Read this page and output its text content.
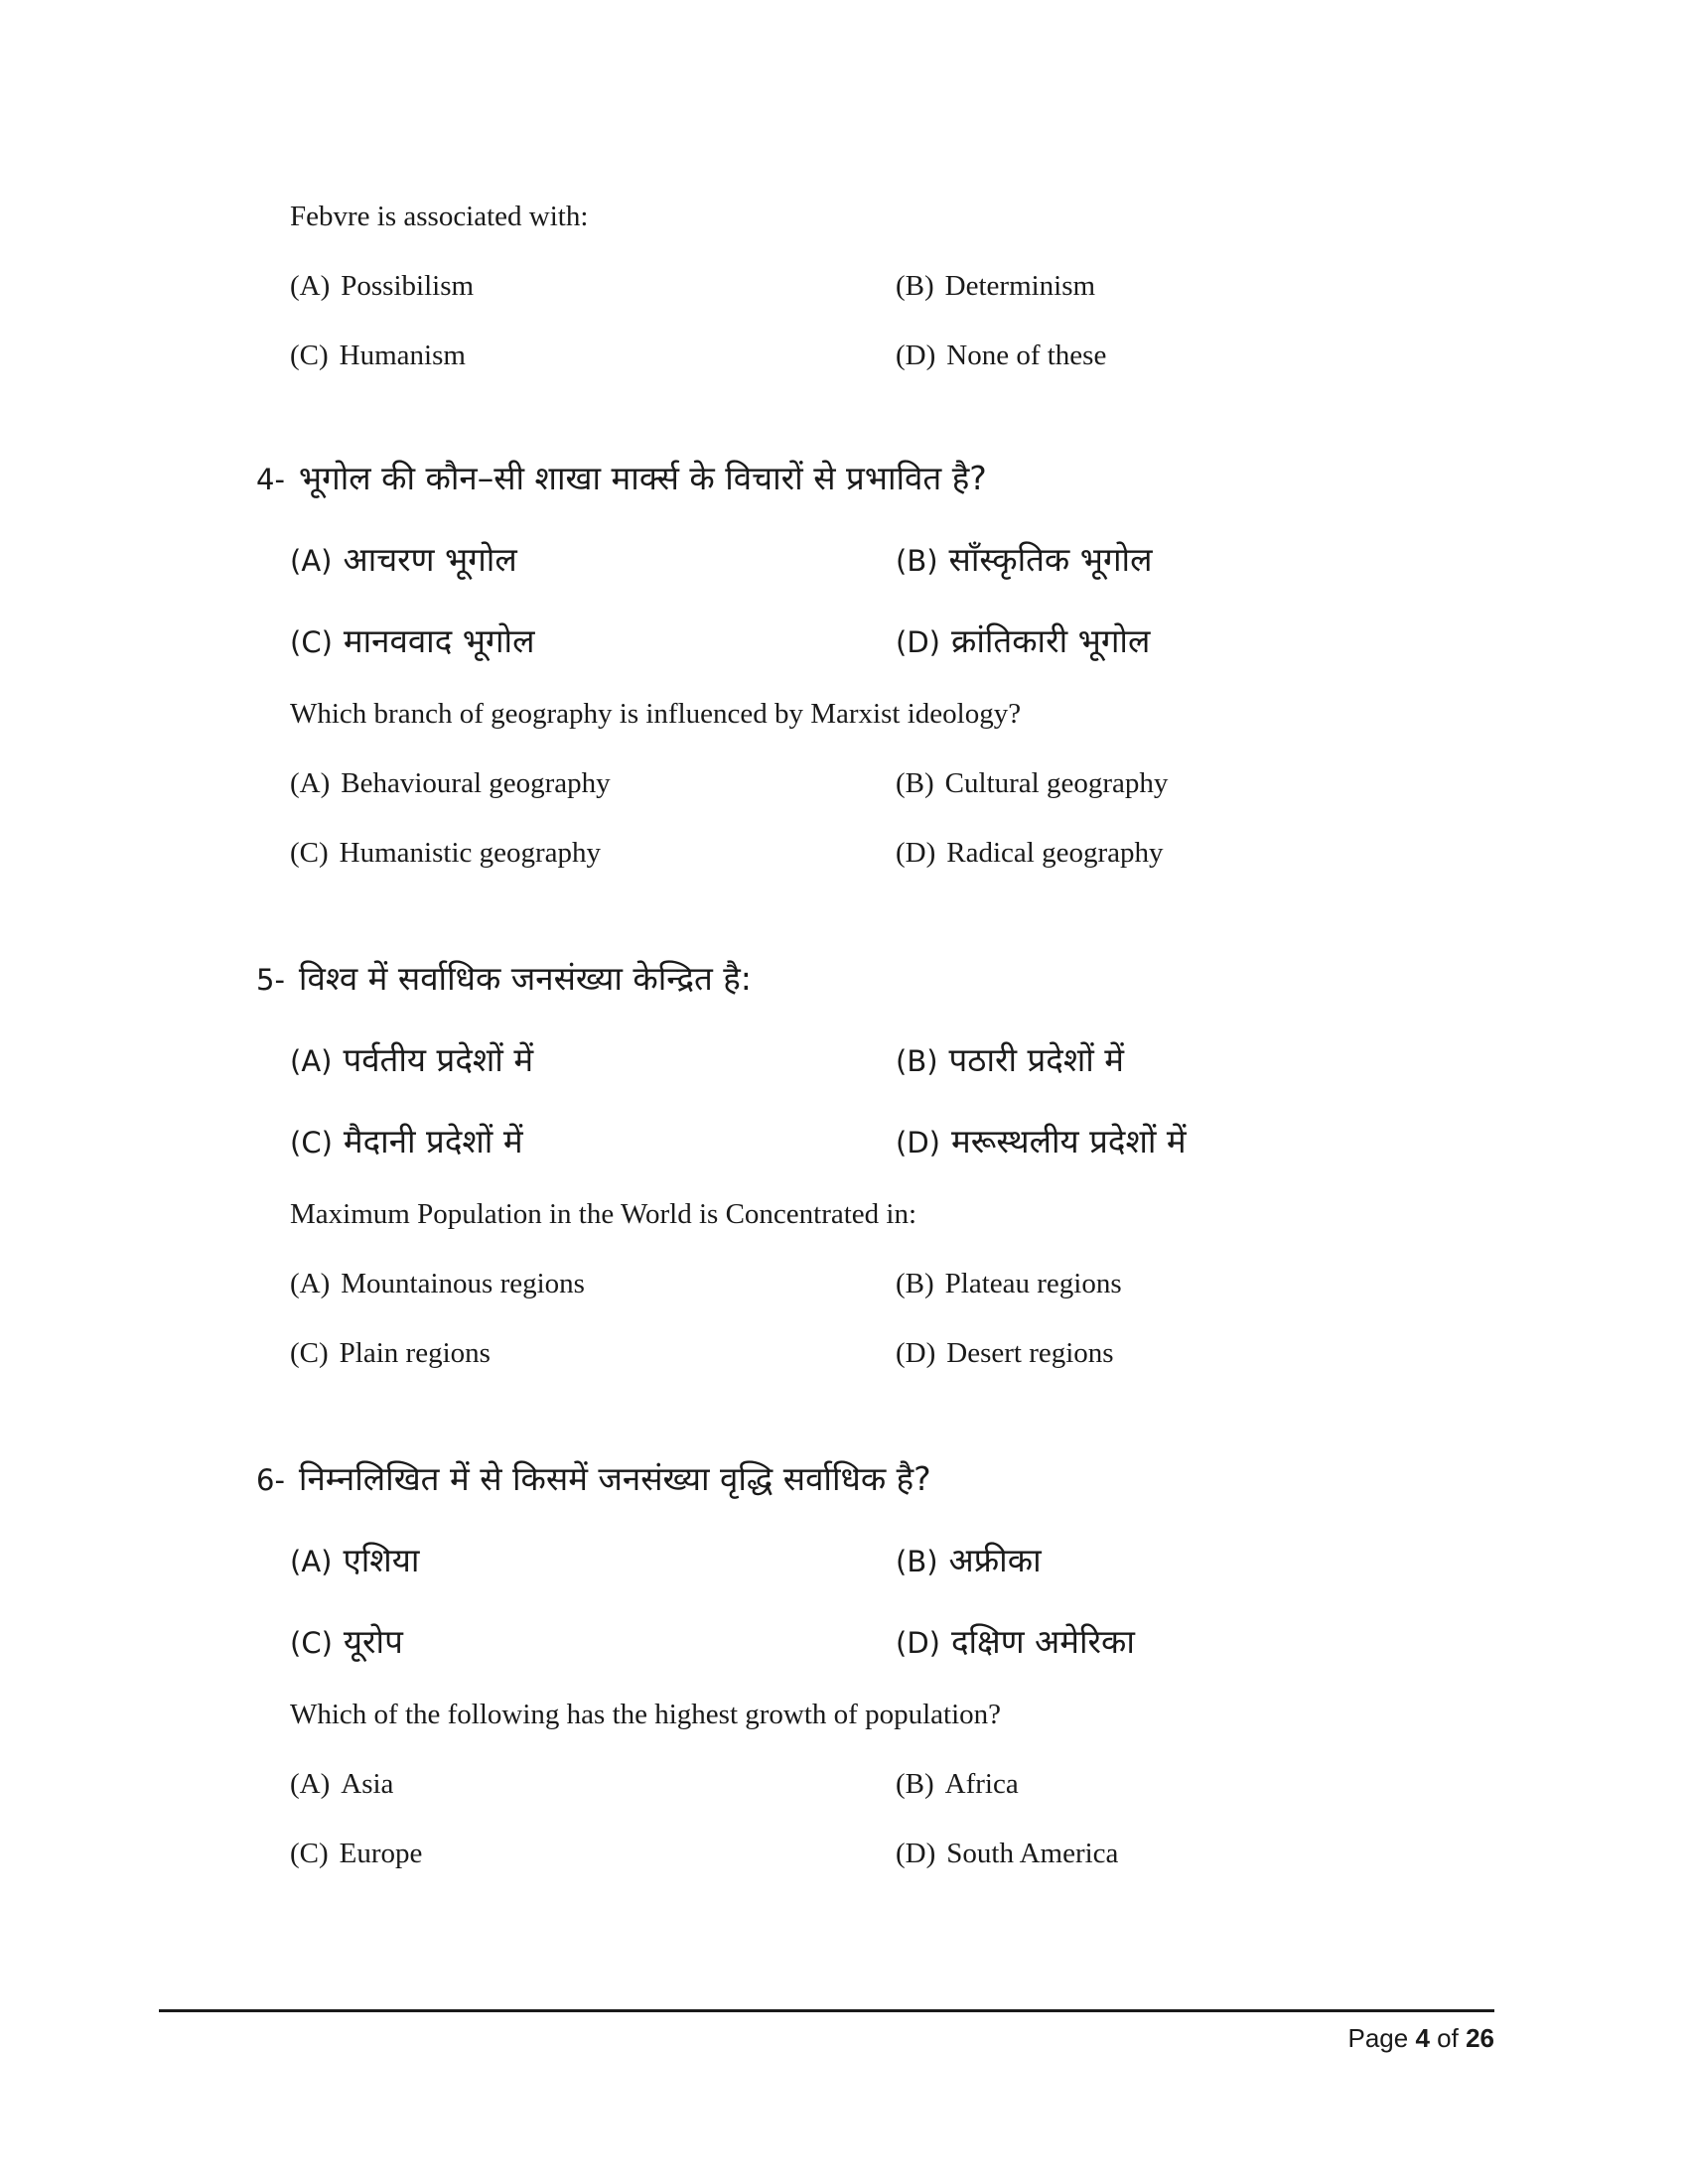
Febvre is associated with:
(A) Possibilism	(B) Determinism
(C) Humanism	(D) None of these
4- भूगोल की कौन–सी शाखा मार्क्स के विचारों से प्रभावित है?
(A) आचरण भूगोल	(B) सॉंस्कृतिक भूगोल
(C) मानववाद भूगोल	(D) क्रांतिकारी भूगोल
Which branch of geography is influenced by Marxist ideology?
(A) Behavioural geography	(B) Cultural geography
(C) Humanistic geography	(D) Radical geography
5- विश्व में सर्वाधिक जनसंख्या केन्द्रित है:
(A) पर्वतीय प्रदेशों में	(B) पठारी प्रदेशों में
(C) मैदानी प्रदेशों में	(D) मरूस्थलीय प्रदेशों में
Maximum Population in the World is Concentrated in:
(A) Mountainous regions	(B) Plateau regions
(C) Plain regions	(D) Desert regions
6- निम्नलिखित में से किसमें जनसंख्या वृद्धि सर्वाधिक है?
(A) एशिया	(B) अफ्रीका
(C) यूरोप	(D) दक्षिण अमेरिका
Which of the following has the highest growth of population?
(A) Asia	(B) Africa
(C) Europe	(D) South America
Page 4 of 26
